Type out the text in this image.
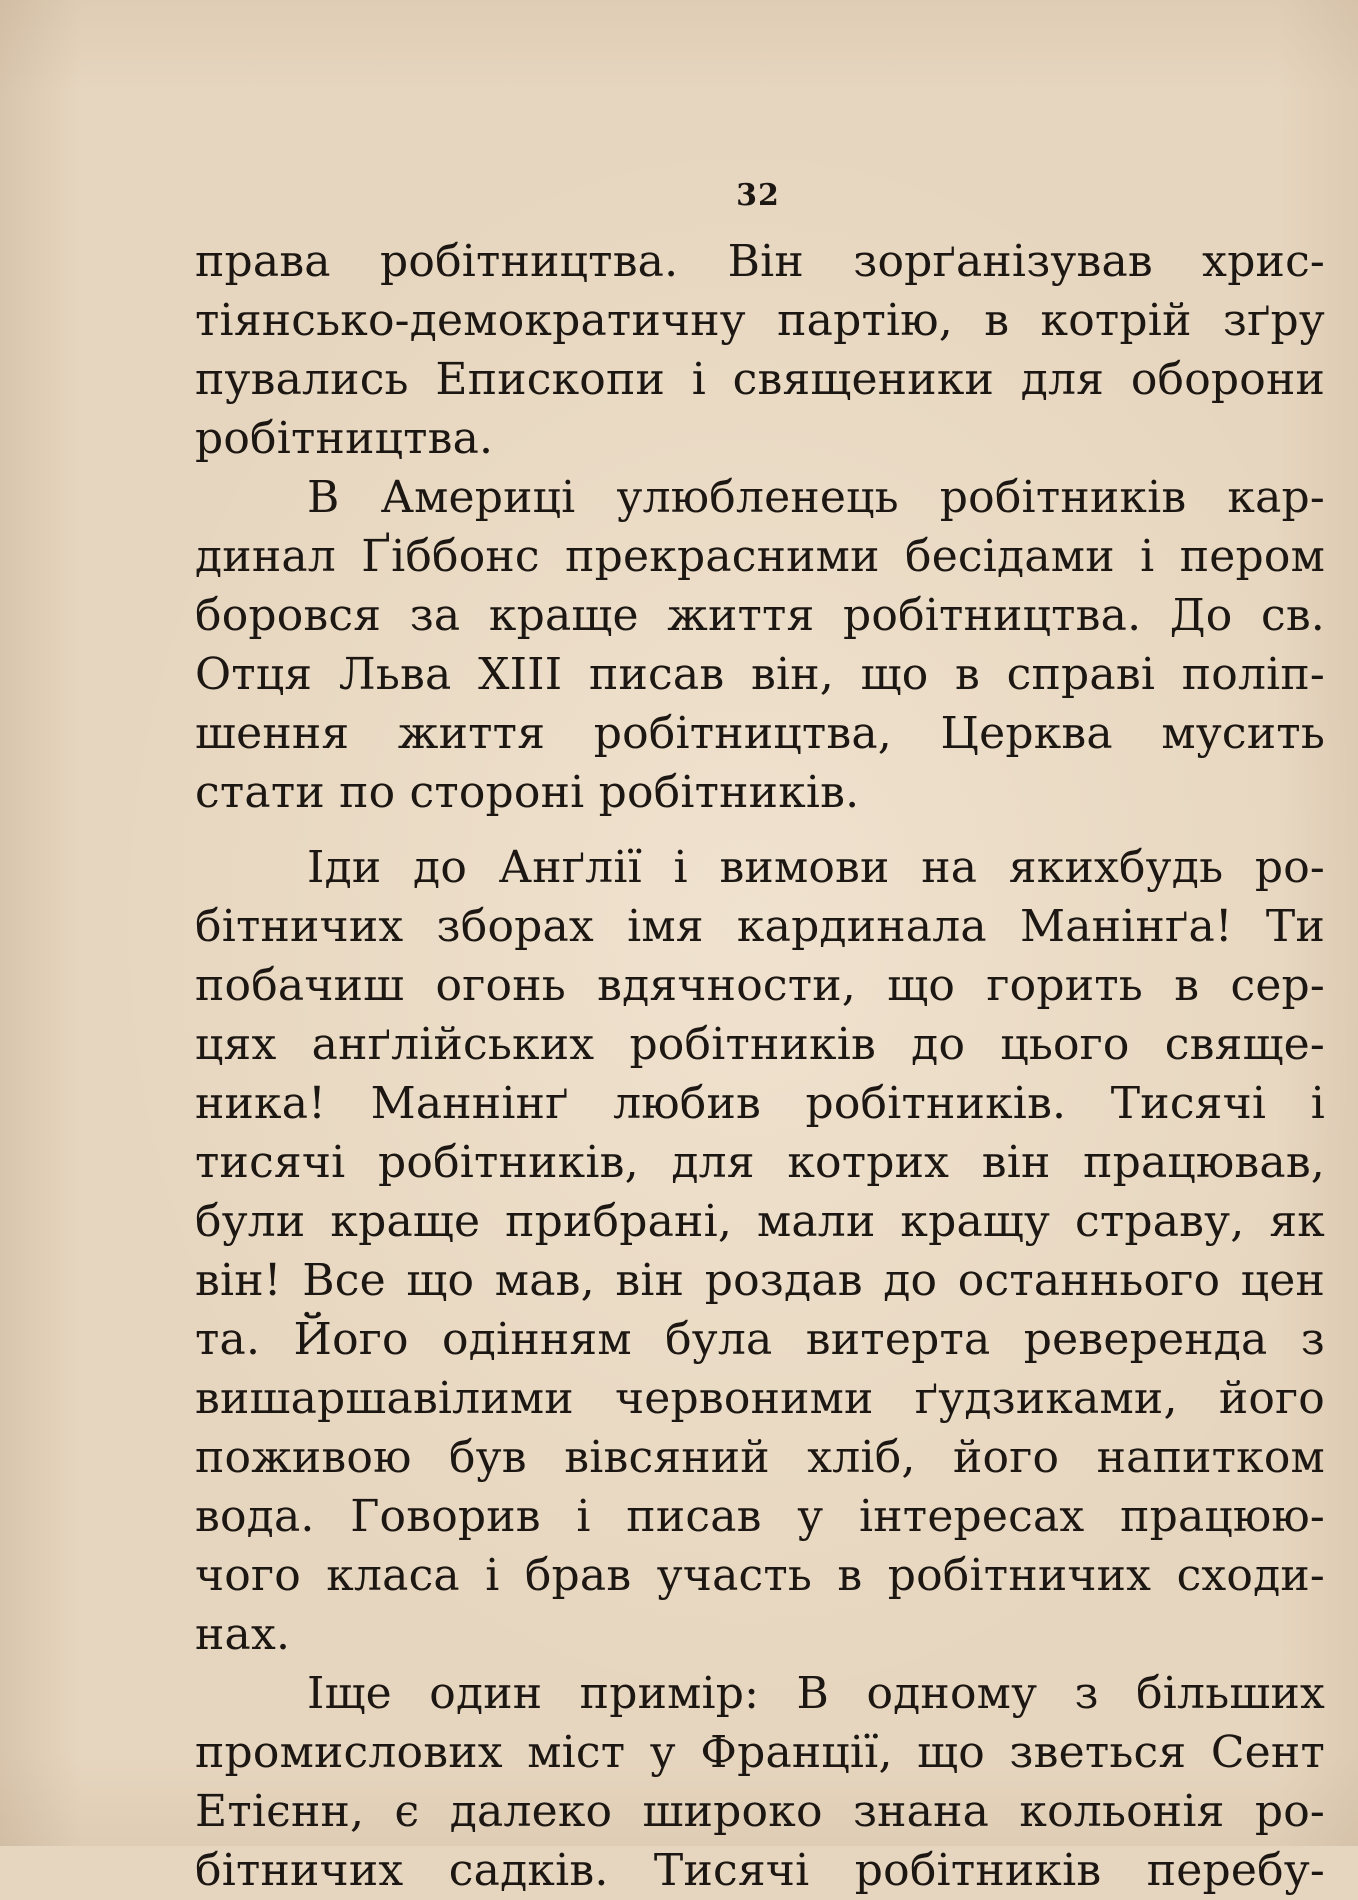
32
права робітництва. Він зорґанізував хрис-
тіянсько-демократичну партію, в котрій зґру
пувались Епископи і священики для оборони
робітництва.
В Америці улюбленець робітників кар-
динал Ґіббонс прекрасними бесідами і пером
боровся за краще життя робітництва. До св.
Отця Льва XIII писав він, що в справі поліп-
шення життя робітництва, Церква мусить
стати по стороні робітників.
Іди до Анґлії і вимови на якихбудь ро-
бітничих зборах імя кардинала Манінґа! Ти
побачиш огонь вдячности, що горить в сер-
цях анґлійських робітників до цього свяще-
ника! Маннінґ любив робітників. Тисячі і
тисячі робітників, для котрих він працював,
були краще прибрані, мали кращу страву, як
він! Все що мав, він роздав до останнього цен
та. Його одінням була витерта реверенда з
вишаршавілими червоними ґудзиками, його
поживою був вівсяний хліб, його напитком
вода. Говорив і писав у інтересах працюю-
чого класа і брав участь в робітничих сходи-
нах.
Іще один примір: В одному з більших
промислових міст у Франції, що зветься Сент
Етієнн, є далеко широко знана кольонія ро-
бітничих садків. Тисячі робітників перебу-
